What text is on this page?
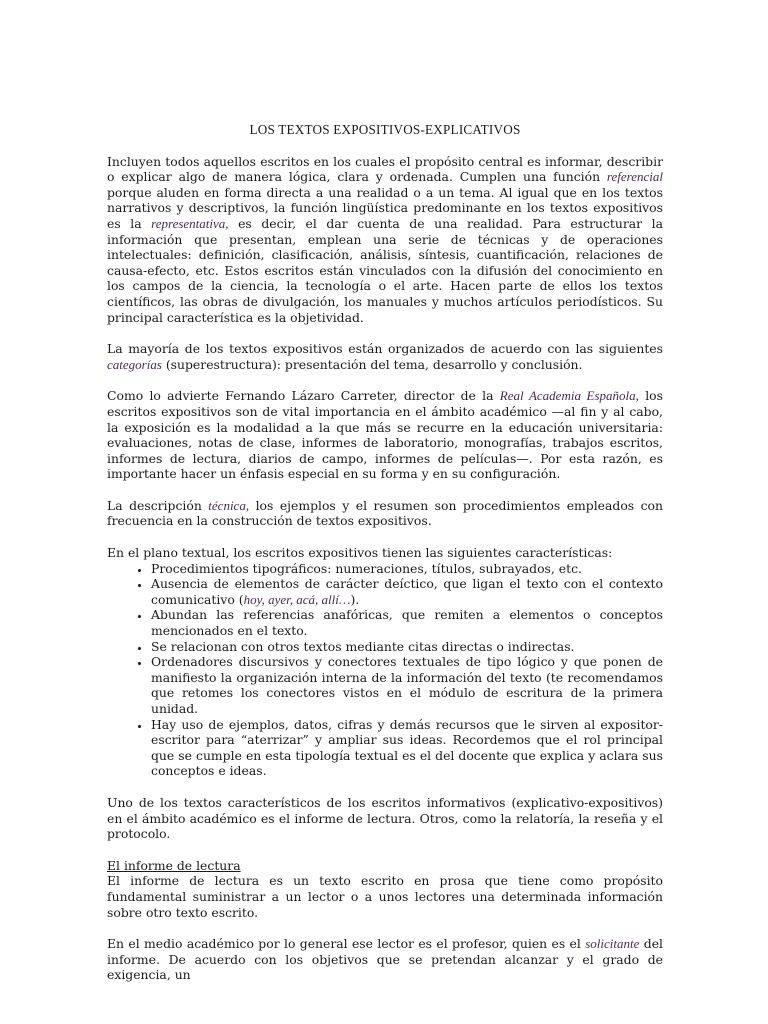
LOS TEXTOS EXPOSITIVOS-EXPLICATIVOS

Incluyen todos aquellos escritos en los cuales el propósito central es informar, describir o explicar algo de manera lógica, clara y ordenada. Cumplen una función referencial porque aluden en forma directa a una realidad o a un tema. Al igual que en los textos narrativos y descriptivos, la función lingüística predominante en los textos expositivos es la representativa, es decir, el dar cuenta de una realidad. Para estructurar la información que presentan, emplean una serie de técnicas y de operaciones intelectuales: definición, clasificación, análisis, síntesis, cuantificación, relaciones de causa-efecto, etc. Estos escritos están vinculados con la difusión del conocimiento en los campos de la ciencia, la tecnología o el arte. Hacen parte de ellos los textos científicos, las obras de divulgación, los manuales y muchos artículos periodísticos. Su principal característica es la objetividad.

La mayoría de los textos expositivos están organizados de acuerdo con las siguientes categorías (superestructura): presentación del tema, desarrollo y conclusión.

Como lo advierte Fernando Lázaro Carreter, director de la Real Academia Española, los escritos expositivos son de vital importancia en el ámbito académico —al fin y al cabo, la exposición es la modalidad a la que más se recurre en la educación universitaria: evaluaciones, notas de clase, informes de laboratorio, monografías, trabajos escritos, informes de lectura, diarios de campo, informes de películas—. Por esta razón, es importante hacer un énfasis especial en su forma y en su configuración.

La descripción técnica, los ejemplos y el resumen son procedimientos empleados con frecuencia en la construcción de textos expositivos.

En el plano textual, los escritos expositivos tienen las siguientes características:

• Procedimientos tipográficos: numeraciones, títulos, subrayados, etc.
• Ausencia de elementos de carácter deíctico, que ligan el texto con el contexto comunicativo (hoy, ayer, acá, allí…).
• Abundan las referencias anafóricas, que remiten a elementos o conceptos mencionados en el texto.
• Se relacionan con otros textos mediante citas directas o indirectas.
• Ordenadores discursivos y conectores textuales de tipo lógico y que ponen de manifiesto la organización interna de la información del texto (te recomendamos que retomes los conectores vistos en el módulo de escritura de la primera unidad.
• Hay uso de ejemplos, datos, cifras y demás recursos que le sirven al expositor-escritor para “aterrizar” y ampliar sus ideas. Recordemos que el rol principal que se cumple en esta tipología textual es el del docente que explica y aclara sus conceptos e ideas.

Uno de los textos característicos de los escritos informativos (explicativo-expositivos) en el ámbito académico es el informe de lectura. Otros, como la relatoría, la reseña y el protocolo.

El informe de lectura

El informe de lectura es un texto escrito en prosa que tiene como propósito fundamental suministrar a un lector o a unos lectores una determinada información sobre otro texto escrito.

En el medio académico por lo general ese lector es el profesor, quien es el solicitante del informe. De acuerdo con los objetivos que se pretendan alcanzar y el grado de exigencia, un
